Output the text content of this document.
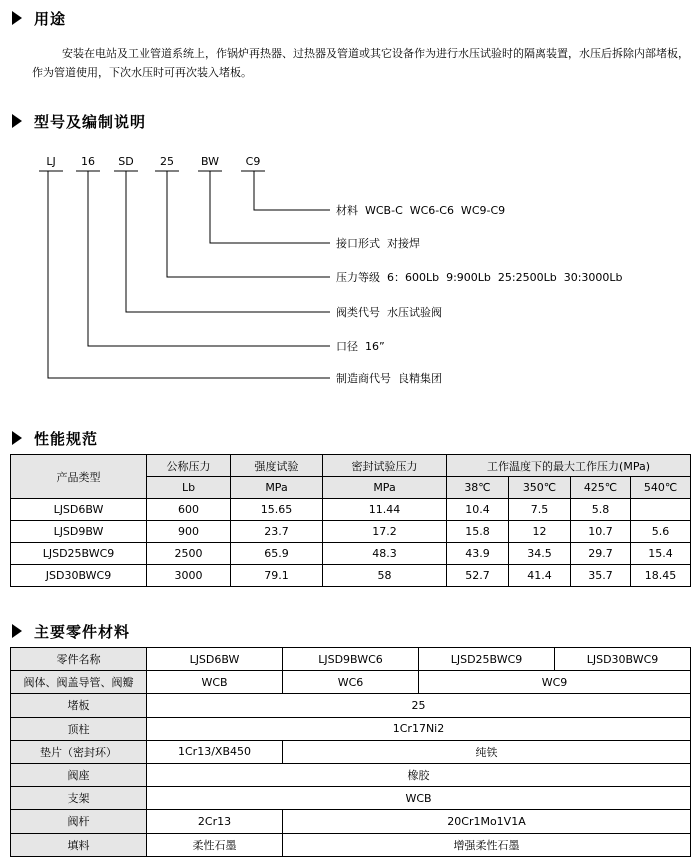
用途
安装在电站及工业管道系统上，作锅炉再热器、过热器及管道或其它设备作为进行水压试验时的隔离装置，水压后拆除内部堵板，作为管道使用，下次水压时可再次装入堵板。
型号及编制说明
LJ 16 SD 25 BW C9
材料  WCB-C  WC6-C6  WC9-C9
接口形式  对接焊
压力等级  6：600Lb  9:900Lb  25:2500Lb  30:3000Lb
阀类代号  水压试验阀
口径  16”
制造商代号  良精集团
性能规范
产品类型	公称压力	强度试验	密封试验压力	工作温度下的最大工作压力(MPa)			
	Lb	MPa	MPa	38℃	350℃	425℃	540℃
LJSD6BW	600	15.65	11.44	10.4	7.5	5.8	
LJSD9BW	900	23.7	17.2	15.8	12	10.7	5.6
LJSD25BWC9	2500	65.9	48.3	43.9	34.5	29.7	15.4
JSD30BWC9	3000	79.1	58	52.7	41.4	35.7	18.45
主要零件材料
零件名称	LJSD6BW	LJSD9BWC6	LJSD25BWC9	LJSD30BWC9
阀体、阀盖导管、阀瓣	WCB	WC6	WC9	
堵板	25			
顶柱	1Cr17Ni2			
垫片（密封环）	1Cr13/XB450	纯铁		
阀座	橡胶			
支架	WCB			
阀杆	2Cr13	20Cr1Mo1V1A		
填料	柔性石墨	增强柔性石墨		
